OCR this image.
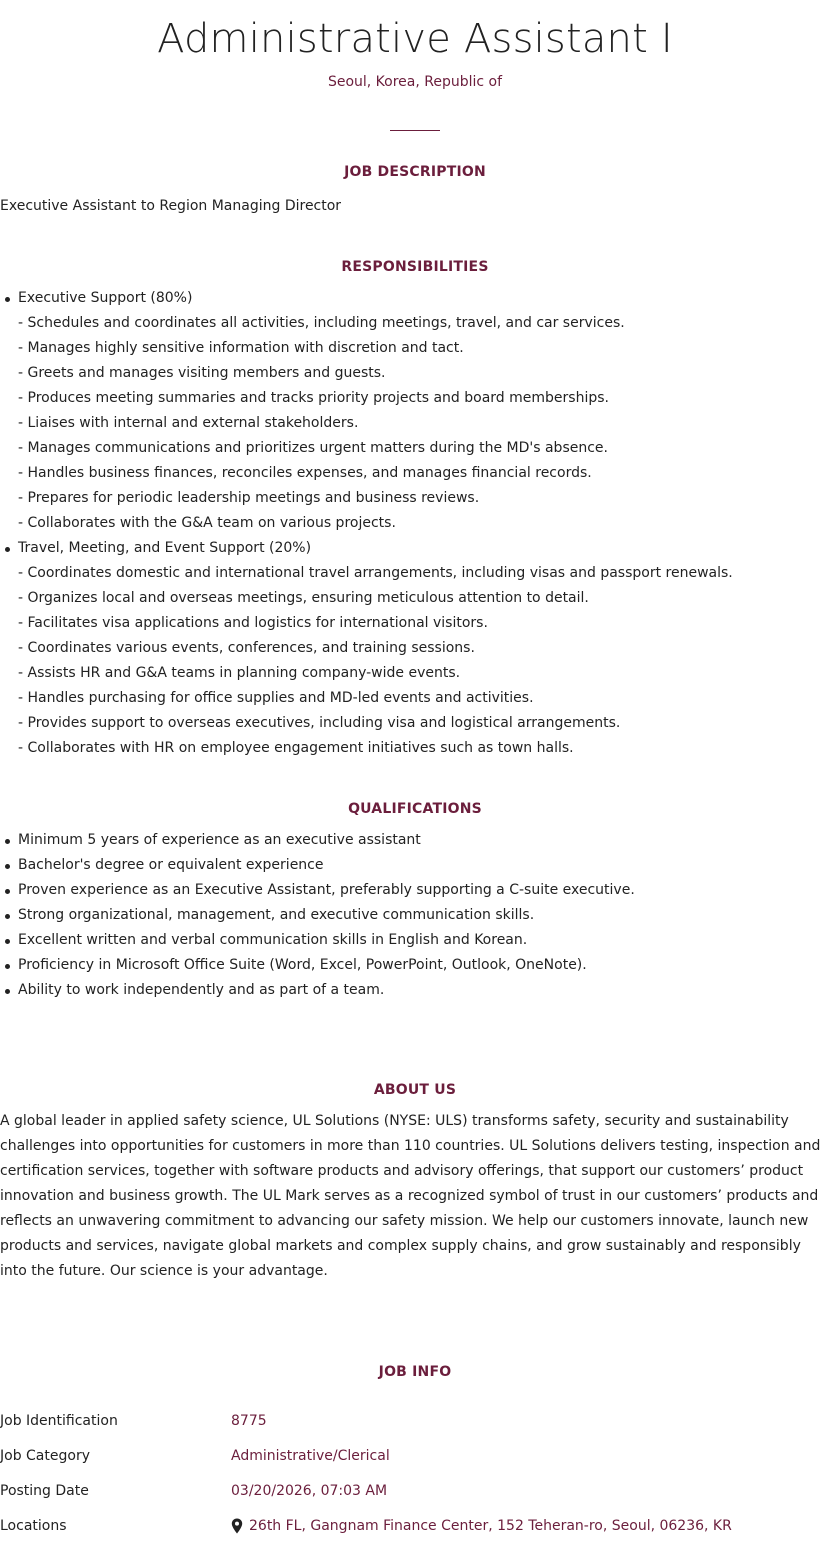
Administrative Assistant I
Seoul, Korea, Republic of
JOB DESCRIPTION

Executive Assistant to Region Managing Director

RESPONSIBILITIES
Executive Support (80%)
- Schedules and coordinates all activities, including meetings, travel, and car services.
- Manages highly sensitive information with discretion and tact.
- Greets and manages visiting members and guests.
- Produces meeting summaries and tracks priority projects and board memberships.
- Liaises with internal and external stakeholders.
- Manages communications and prioritizes urgent matters during the MD's absence.
- Handles business finances, reconciles expenses, and manages financial records.
- Prepares for periodic leadership meetings and business reviews.
- Collaborates with the G&A team on various projects.
Travel, Meeting, and Event Support (20%)
- Coordinates domestic and international travel arrangements, including visas and passport renewals.
- Organizes local and overseas meetings, ensuring meticulous attention to detail.
- Facilitates visa applications and logistics for international visitors.
- Coordinates various events, conferences, and training sessions.
- Assists HR and G&A teams in planning company-wide events.
- Handles purchasing for office supplies and MD-led events and activities.
- Provides support to overseas executives, including visa and logistical arrangements.
- Collaborates with HR on employee engagement initiatives such as town halls.
QUALIFICATIONS
Minimum 5 years of experience as an executive assistant
Bachelor's degree or equivalent experience
Proven experience as an Executive Assistant, preferably supporting a C-suite executive.
Strong organizational, management, and executive communication skills.
Excellent written and verbal communication skills in English and Korean.
Proficiency in Microsoft Office Suite (Word, Excel, PowerPoint, Outlook, OneNote).
Ability to work independently and as part of a team.
ABOUT US

A global leader in applied safety science, UL Solutions (NYSE: ULS) transforms safety, security and sustainability challenges into opportunities for customers in more than 110 countries. UL Solutions delivers testing, inspection and certification services, together with software products and advisory offerings, that support our customers’ product innovation and business growth. The UL Mark serves as a recognized symbol of trust in our customers’ products and reflects an unwavering commitment to advancing our safety mission. We help our customers innovate, launch new products and services, navigate global markets and complex supply chains, and grow sustainably and responsibly into the future. Our science is your advantage.

JOB INFO
Job Identification	8775
Job Category	Administrative/Clerical
Posting Date	03/20/2026, 07:03 AM
Locations	26th FL, Gangnam Finance Center, 152 Teheran-ro, Seoul, 06236, KR
